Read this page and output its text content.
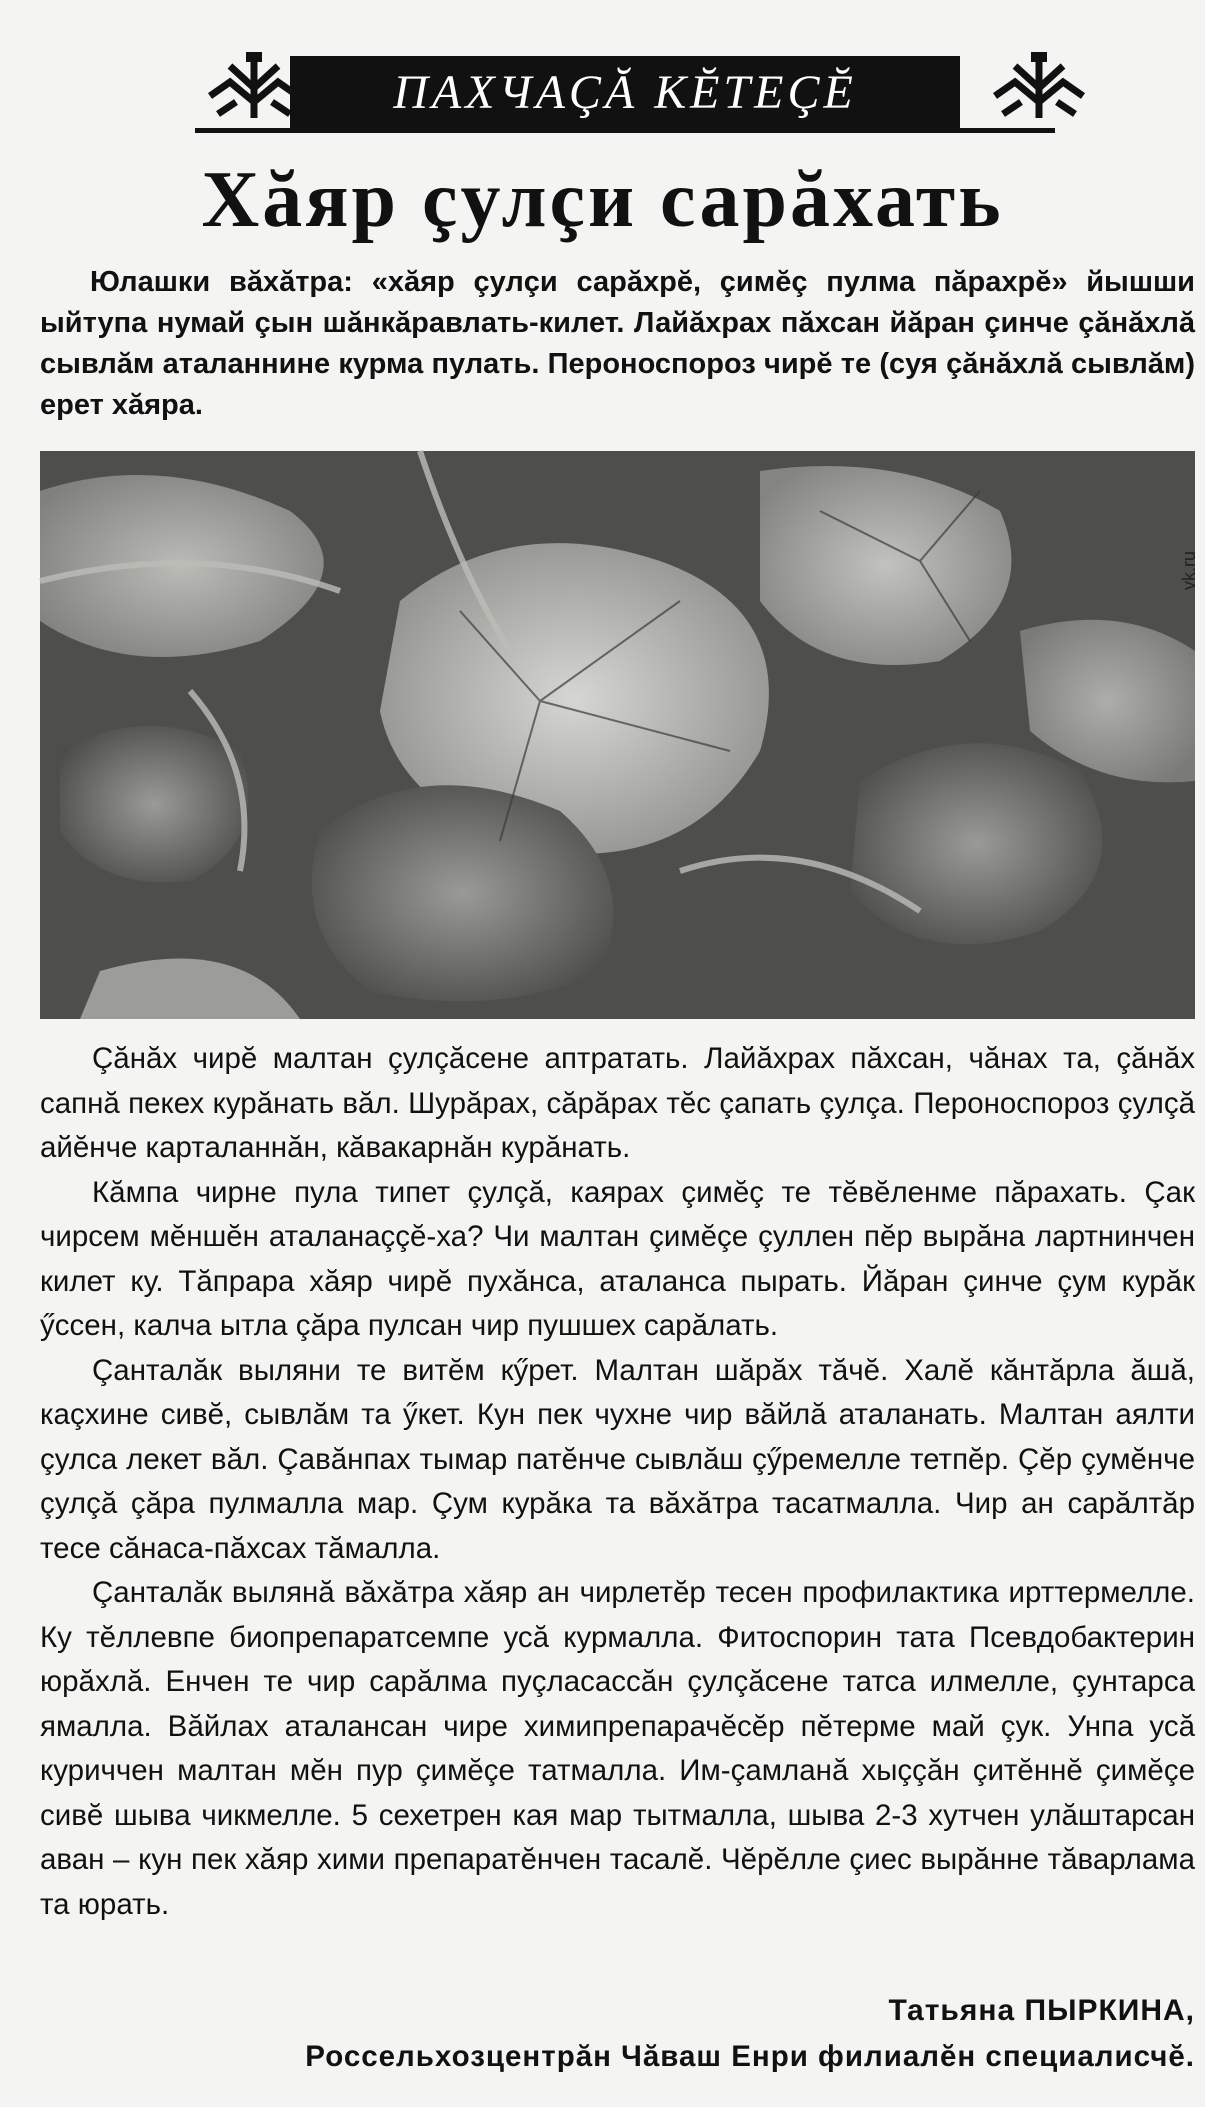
ПАХЧАÇĂ КĔТЕÇĔ
Хăяр çулçи сарăхать
Юлашки вăхăтра: «хăяр çулçи сарăхрĕ, çимĕç пулма пăрахрĕ» йышши ыйтупа нумай çын шăнкăравлать-килет. Лайăхрах пăхсан йăран çинче çăнăхлă сывлăм аталаннине курма пулать. Пероноспороз чирĕ те (суя çăнăхлă сывлăм) ерет хăяра.
vk.ru

Çăнăх чирĕ малтан çулçăсене аптратать. Лайăхрах пăхсан, чăнах та, çăнăх сапнă пекех курăнать вăл. Шурăрах, сăрăрах тĕс çапать çулça. Пероноспороз çулçă айĕнче карталаннăн, кăвакарнăн курăнать.

Кăмпа чирне пула типет çулçă, каярах çимĕç те тĕвĕленме пăрахать. Çак чирсем мĕншĕн аталанаççĕ-ха? Чи малтан çимĕçе çуллен пĕр вырăна лартнинчен килет ку. Тăпрара хăяр чирĕ пухăнса, аталанса пырать. Йăран çинче çум курăк ӳссен, калча ытла çăра пулсан чир пушшех сарăлать.

Çанталăк выляни те витĕм кӳрет. Малтан шăрăх тăчĕ. Халĕ кăнтăрла ăшă, каçхине сивĕ, сывлăм та ӳкет. Кун пек чухне чир вăйлă аталанать. Малтан аялти çулса лекет вăл. Çавăнпах тымар патĕнче сывлăш çӳремелле тетпĕр. Çĕр çумĕнче çулçă çăра пулмалла мар. Çум курăка та вăхăтра тасатмалла. Чир ан сарăлтăр тесе сăнаса-пăхсах тăмалла.

Çанталăк вылянă вăхăтра хăяр ан чирлетĕр тесен профилактика ирттермелле. Ку тĕллевпе биопрепаратсемпе усă курмалла. Фитоспорин тата Псевдобактерин юрăхлă. Енчен те чир сарăлма пуçласассăн çулçăсене татса илмелле, çунтарса ямалла. Вăйлах аталансан чире химипрепарачĕсĕр пĕтерме май çук. Унпа усă куриччен малтан мĕн пур çимĕçе татмалла. Им-çамланă хыççăн çитĕннĕ çимĕçе сивĕ шыва чикмелле. 5 сехетрен кая мар тытмалла, шыва 2-3 хутчен улăштарсан аван – кун пек хăяр хими препаратĕнчен тасалĕ. Чĕрĕлле çиес вырăнне тăварлама та юрать.

Татьяна ПЫРКИНА,
Россельхозцентрăн Чăваш Енри филиалĕн специалисчĕ.
